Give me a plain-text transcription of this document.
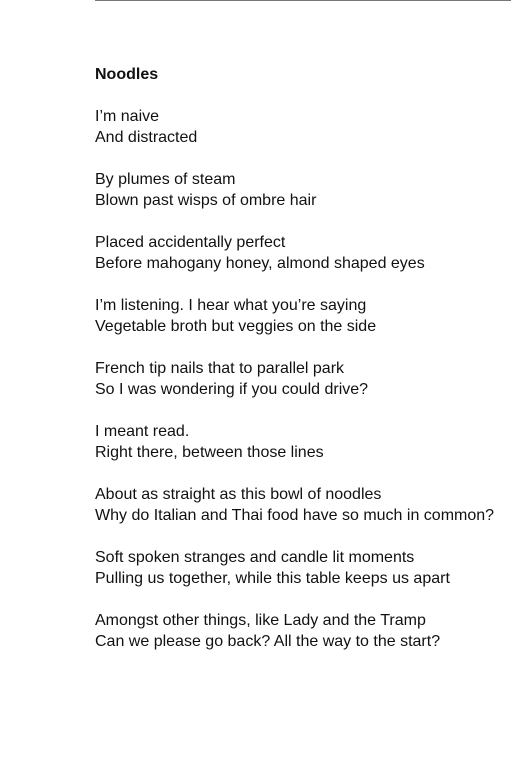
Noodles
I’m naive
And distracted
By plumes of steam
Blown past wisps of ombre hair
Placed accidentally perfect
Before mahogany honey, almond shaped eyes
I’m listening. I hear what you’re saying
Vegetable broth but veggies on the side
French tip nails that to parallel park
So I was wondering if you could drive?
I meant read.
Right there, between those lines
About as straight as this bowl of noodles
Why do Italian and Thai food have so much in common?
Soft spoken stranges and candle lit moments
Pulling us together, while this table keeps us apart
Amongst other things, like Lady and the Tramp
Can we please go back? All the way to the start?
